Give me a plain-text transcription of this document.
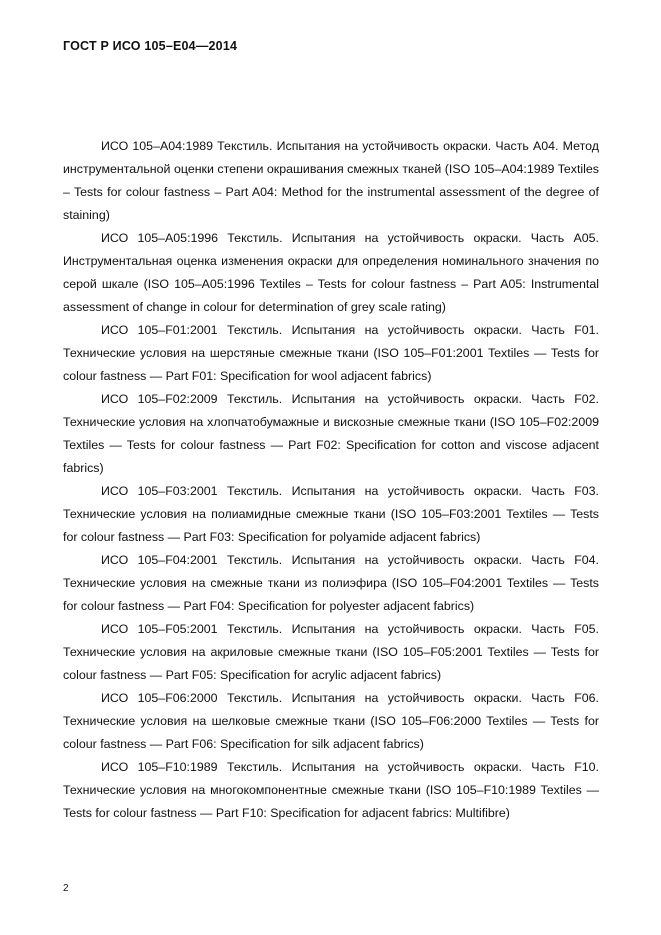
ГОСТ Р ИСО 105–E04—2014

ИСО 105–A04:1989 Текстиль. Испытания на устойчивость окраски. Часть A04. Метод инструментальной оценки степени окрашивания смежных тканей (ISO 105–A04:1989 Textiles – Tests for colour fastness – Part A04: Method for the instrumental assessment of the degree of staining)

ИСО 105–A05:1996 Текстиль. Испытания на устойчивость окраски. Часть A05. Инструментальная оценка изменения окраски для определения номинального значения по серой шкале (ISO 105–A05:1996 Textiles – Tests for colour fastness – Part A05: Instrumental assessment of change in colour for determination of grey scale rating)

ИСО 105–F01:2001 Текстиль. Испытания на устойчивость окраски. Часть F01. Технические условия на шерстяные смежные ткани (ISO 105–F01:2001 Textiles — Tests for colour fastness — Part F01: Specification for wool adjacent fabrics)

ИСО 105–F02:2009 Текстиль. Испытания на устойчивость окраски. Часть F02. Технические условия на хлопчатобумажные и вискозные смежные ткани (ISO 105–F02:2009 Textiles — Tests for colour fastness — Part F02: Specification for cotton and viscose adjacent fabrics)

ИСО 105–F03:2001 Текстиль. Испытания на устойчивость окраски. Часть F03. Технические условия на полиамидные смежные ткани (ISO 105–F03:2001 Textiles — Tests for colour fastness — Part F03: Specification for polyamide adjacent fabrics)

ИСО 105–F04:2001 Текстиль. Испытания на устойчивость окраски. Часть F04. Технические условия на смежные ткани из полиэфира (ISO 105–F04:2001 Textiles — Tests for colour fastness — Part F04: Specification for polyester adjacent fabrics)

ИСО 105–F05:2001 Текстиль. Испытания на устойчивость окраски. Часть F05. Технические условия на акриловые смежные ткани (ISO 105–F05:2001 Textiles — Tests for colour fastness — Part F05: Specification for acrylic adjacent fabrics)

ИСО 105–F06:2000 Текстиль. Испытания на устойчивость окраски. Часть F06. Технические условия на шелковые смежные ткани (ISO 105–F06:2000 Textiles — Tests for colour fastness — Part F06: Specification for silk adjacent fabrics)

ИСО 105–F10:1989 Текстиль. Испытания на устойчивость окраски. Часть F10. Технические условия на многокомпонентные смежные ткани (ISO 105–F10:1989 Textiles — Tests for colour fastness — Part F10: Specification for adjacent fabrics: Multifibre)

2
